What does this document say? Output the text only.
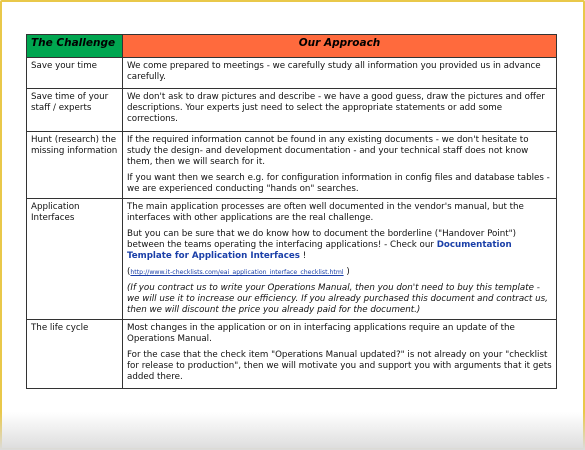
The Challenge	Our Approach
Save your time	We come prepared to meetings - we carefully study all information you provided us in advance carefully.

Save time of your staff / experts	We don't ask to draw pictures and describe - we have a good guess, draw the pictures and offer descriptions. Your experts just need to select the appropriate statements or add some corrections.

Hunt (research) the missing information	If the required information cannot be found in any existing documents - we don't hesitate to study the design- and development documentation - and your technical staff does not know them, then we will search for it.

If you want then we search e.g. for configuration information in config files and database tables - we are experienced conducting "hands on" searches.

Application Interfaces	The main application processes are often well documented in the vendor's manual, but the interfaces with other applications are the real challenge.

But you can be sure that we do know how to document the borderline ("Handover Point") between the teams operating the interfacing applications! - Check our Documentation Template for Application Interfaces !

(http://www.it-checklists.com/eai_application_interface_checklist.html )

(If you contract us to write your Operations Manual, then you don't need to buy this template - we will use it to increase our efficiency. If you already purchased this document and contract us, then we will discount the price you already paid for the document.)

The life cycle	Most changes in the application or on in interfacing applications require an update of the Operations Manual.

For the case that the check item "Operations Manual updated?" is not already on your "checklist for release to production", then we will motivate you and support you with arguments that it gets added there.
